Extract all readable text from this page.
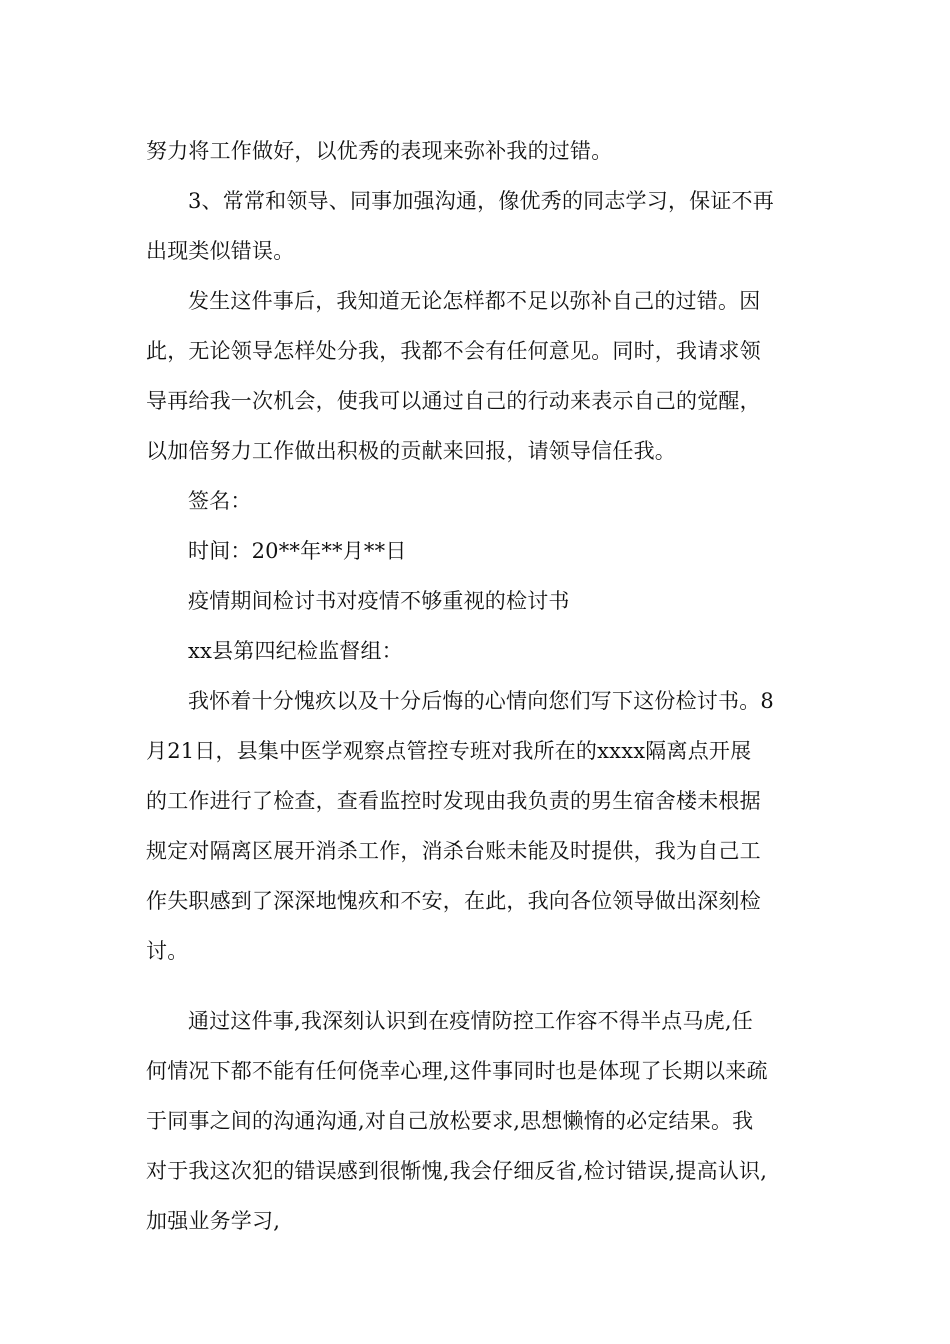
努力将工作做好，以优秀的表现来弥补我的过错。
3、常常和领导、同事加强沟通，像优秀的同志学习，保证不再
出现类似错误。
发生这件事后，我知道无论怎样都不足以弥补自己的过错。因
此，无论领导怎样处分我，我都不会有任何意见。同时，我请求领
导再给我一次机会，使我可以通过自己的行动来表示自己的觉醒，
以加倍努力工作做出积极的贡献来回报，请领导信任我。
签名：
时间：20**年**月**日
疫情期间检讨书对疫情不够重视的检讨书
xx县第四纪检监督组：
我怀着十分愧疚以及十分后悔的心情向您们写下这份检讨书。8
月21日，县集中医学观察点管控专班对我所在的xxxx隔离点开展
的工作进行了检查，查看监控时发现由我负责的男生宿舍楼未根据
规定对隔离区展开消杀工作，消杀台账未能及时提供，我为自己工
作失职感到了深深地愧疚和不安，在此，我向各位领导做出深刻检
讨。
通过这件事,我深刻认识到在疫情防控工作容不得半点马虎,任
何情况下都不能有任何侥幸心理,这件事同时也是体现了长期以来疏
于同事之间的沟通沟通,对自己放松要求,思想懒惰的必定结果。我
对于我这次犯的错误感到很惭愧,我会仔细反省,检讨错误,提高认识,
加强业务学习,
